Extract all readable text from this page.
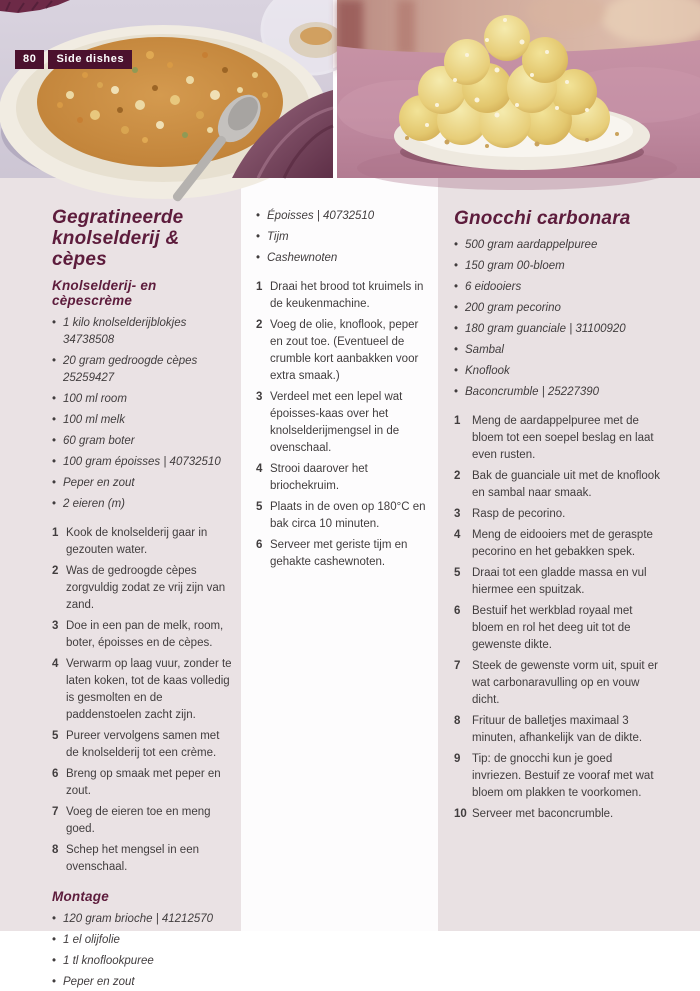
80	Side dishes
Gegratineerde knolselderij & cèpes
Knolselderij- en cèpescrème
• 1 kilo knolselderijblokjes 34738508
• 20 gram gedroogde cèpes 25259427
• 100 ml room
• 100 ml melk
• 60 gram boter
• 100 gram époisses | 40732510
• Peper en zout
• 2 eieren (m)
1 Kook de knolselderij gaar in gezouten water.
2 Was de gedroogde cèpes zorgvuldig zodat ze vrij zijn van zand.
3 Doe in een pan de melk, room, boter, époisses en de cèpes.
4 Verwarm op laag vuur, zonder te laten koken, tot de kaas volledig is gesmolten en de paddenstoelen zacht zijn.
5 Pureer vervolgens samen met de knolselderij tot een crème.
6 Breng op smaak met peper en zout.
7 Voeg de eieren toe en meng goed.
8 Schep het mengsel in een ovenschaal.
Montage
• 120 gram brioche | 41212570
• 1 el olijfolie
• 1 tl knoflookpuree
• Peper en zout
• Époisses | 40732510
• Tijm
• Cashewnoten
1 Draai het brood tot kruimels in de keukenmachine.
2 Voeg de olie, knoflook, peper en zout toe. (Eventueel de crumble kort aanbakken voor extra smaak.)
3 Verdeel met een lepel wat époisses-kaas over het knolselderijmengsel in de ovenschaal.
4 Strooi daarover het briochekruim.
5 Plaats in de oven op 180°C en bak circa 10 minuten.
6 Serveer met geriste tijm en gehakte cashewnoten.
Gnocchi carbonara
• 500 gram aardappelpuree
• 150 gram 00-bloem
• 6 eidooiers
• 200 gram pecorino
• 180 gram guanciale | 31100920
• Sambal
• Knoflook
• Baconcrumble | 25227390
1	Meng de aardappelpuree met de bloem tot een soepel beslag en laat even rusten.
2	Bak de guanciale uit met de knoflook en sambal naar smaak.
3	Rasp de pecorino.
4	Meng de eidooiers met de geraspte pecorino en het gebakken spek.
5	Draai tot een gladde massa en vul hiermee een spuitzak.
6	Bestuif het werkblad royaal met bloem en rol het deeg uit tot de gewenste dikte.
7	Steek de gewenste vorm uit, spuit er wat carbonaravulling op en vouw dicht.
8	Frituur de balletjes maximaal 3 minuten, afhankelijk van de dikte.
9	Tip: de gnocchi kun je goed invriezen. Bestuif ze vooraf met wat bloem om plakken te voorkomen.
10 Serveer met baconcrumble.
